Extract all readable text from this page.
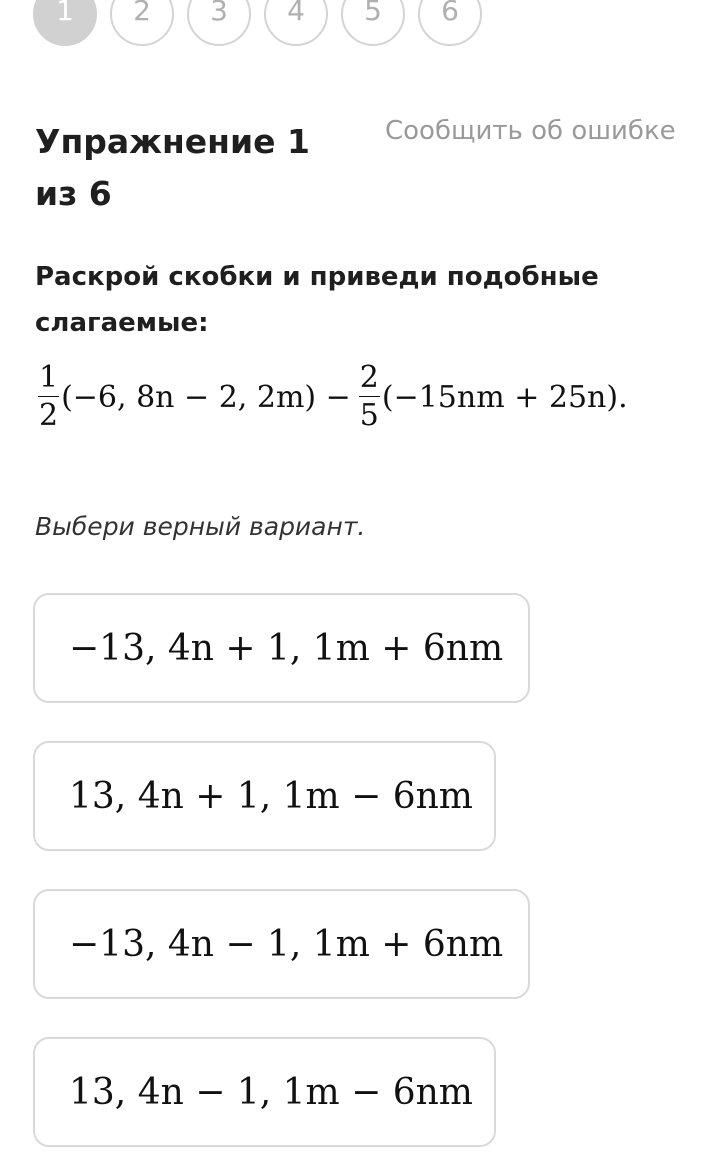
1	2	3	4	5	6
Упражнение 1
из 6
Сообщить об ошибке
Раскрой скобки и приведи подобные
слагаемые:
$\frac{1}{2} (-6$, 8n − 2, $2m) - \frac{2}{5} (-15nm + 25n)$.
Выбери верный вариант.
−13, 4n + 1, 1m + 6nm
13, 4n + 1, 1m − 6nm
−13, 4n − 1, 1m + 6nm
13, 4n − 1, 1m − 6nm
